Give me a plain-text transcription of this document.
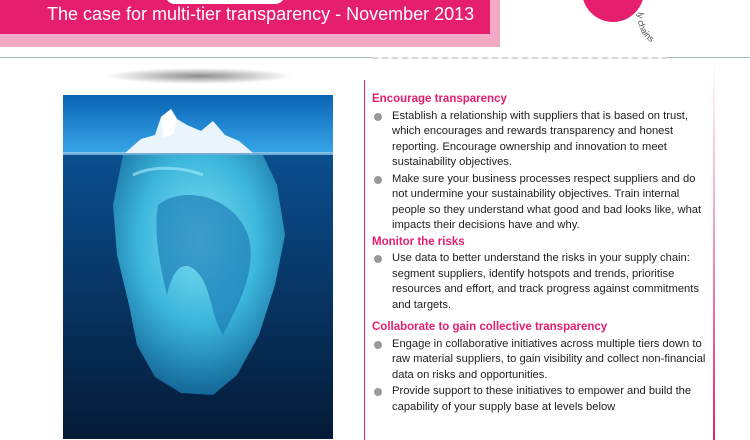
The case for multi-tier transparency - November 2013	ly chains
Encourage transparency
Establish a relationship with suppliers that is based on trust, which encourages and rewards transparency and honest reporting. Encourage ownership and innovation to meet sustainability objectives.
Make sure your business processes respect suppliers and do not undermine your sustainability objectives. Train internal people so they understand what good and bad looks like, what impacts their decisions have and why.
Monitor the risks
Use data to better understand the risks in your supply chain: segment suppliers, identify hotspots and trends, prioritise resources and effort, and track progress against commitments and targets.
Collaborate to gain collective transparency
Engage in collaborative initiatives across multiple tiers down to raw material suppliers, to gain visibility and collect non-financial data on risks and opportunities.
Provide support to these initiatives to empower and build the capability of your supply base at levels below
